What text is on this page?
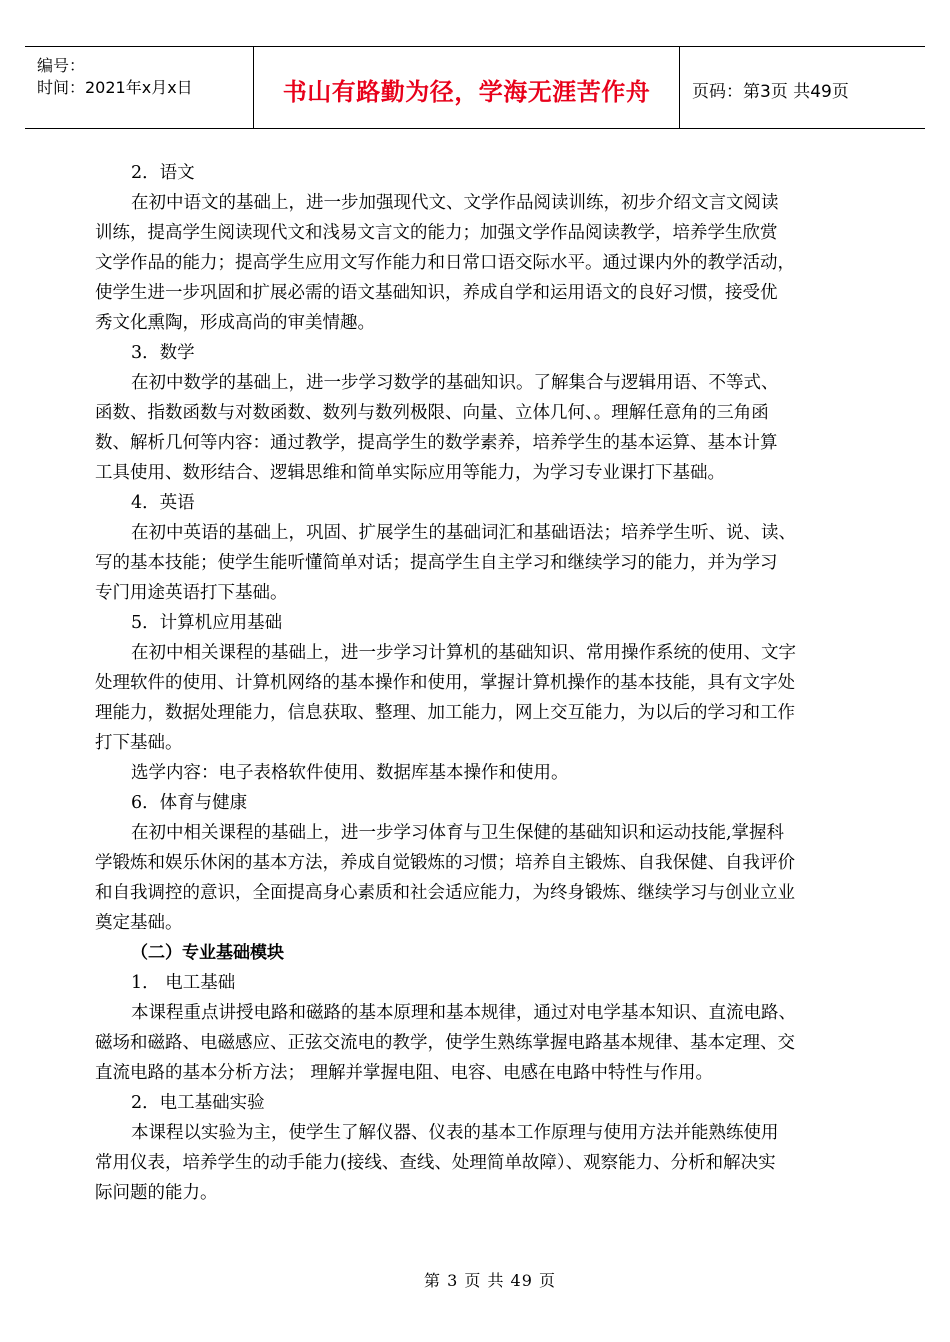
编号：
时间：2021年x月x日	书山有路勤为径，学海无涯苦作舟	页码：第3页 共49页
2．语文
在初中语文的基础上，进一步加强现代文、文学作品阅读训练，初步介绍文言文阅读
训练，提高学生阅读现代文和浅易文言文的能力；加强文学作品阅读教学，培养学生欣赏
文学作品的能力；提高学生应用文写作能力和日常口语交际水平。通过课内外的教学活动，
使学生进一步巩固和扩展必需的语文基础知识，养成自学和运用语文的良好习惯，接受优
秀文化熏陶，形成高尚的审美情趣。
3．数学
在初中数学的基础上，进一步学习数学的基础知识。了解集合与逻辑用语、不等式、
函数、指数函数与对数函数、数列与数列极限、向量、立体几何、。理解任意角的三角函
数、解析几何等内容：通过教学，提高学生的数学素养，培养学生的基本运算、基本计算
工具使用、数形结合、逻辑思维和简单实际应用等能力，为学习专业课打下基础。
4．英语
在初中英语的基础上，巩固、扩展学生的基础词汇和基础语法；培养学生听、说、读、
写的基本技能；使学生能听懂简单对话；提高学生自主学习和继续学习的能力，并为学习
专门用途英语打下基础。
5．计算机应用基础
在初中相关课程的基础上，进一步学习计算机的基础知识、常用操作系统的使用、文字
处理软件的使用、计算机网络的基本操作和使用，掌握计算机操作的基本技能，具有文字处
理能力，数据处理能力，信息获取、整理、加工能力，网上交互能力，为以后的学习和工作
打下基础。
选学内容：电子表格软件使用、数据库基本操作和使用。
6．体育与健康
在初中相关课程的基础上，进一步学习体育与卫生保健的基础知识和运动技能,掌握科
学锻炼和娱乐休闲的基本方法，养成自觉锻炼的习惯；培养自主锻炼、自我保健、自我评价
和自我调控的意识，全面提高身心素质和社会适应能力，为终身锻炼、继续学习与创业立业
奠定基础。
（二）专业基础模块
1． 电工基础
本课程重点讲授电路和磁路的基本原理和基本规律，通过对电学基本知识、直流电路、
磁场和磁路、电磁感应、正弦交流电的教学，使学生熟练掌握电路基本规律、基本定理、交
直流电路的基本分析方法； 理解并掌握电阻、电容、电感在电路中特性与作用。
2．电工基础实验
本课程以实验为主，使学生了解仪器、仪表的基本工作原理与使用方法并能熟练使用
常用仪表，培养学生的动手能力(接线、查线、处理简单故障）、观察能力、分析和解决实
际问题的能力。
第 3 页 共 49 页
